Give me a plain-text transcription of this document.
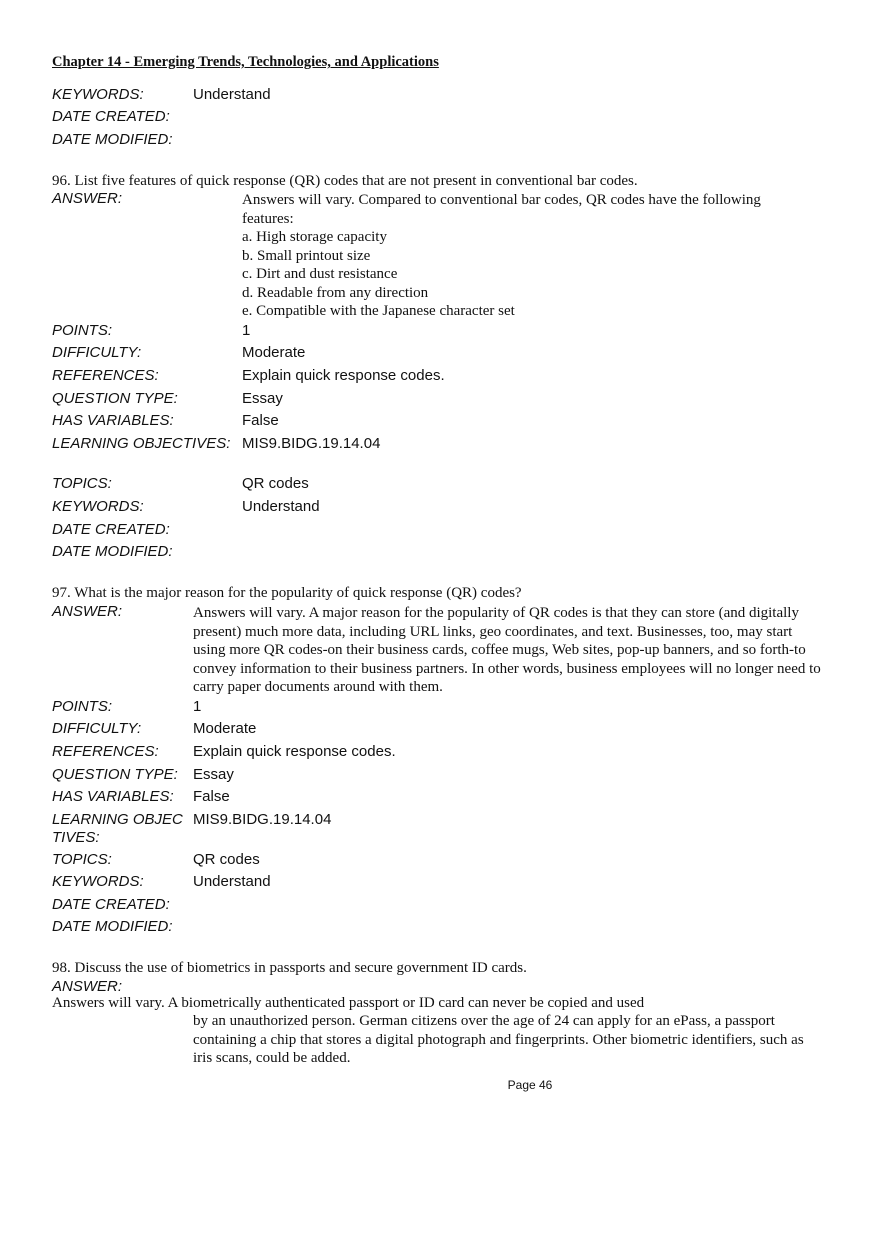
Chapter 14 - Emerging Trends, Technologies, and Applications
KEYWORDS:	Understand
DATE CREATED:
DATE MODIFIED:
96. List five features of quick response (QR) codes that are not present in conventional bar codes.
ANSWER:	Answers will vary. Compared to conventional bar codes, QR codes have the following features:
a. High storage capacity
b. Small printout size
c. Dirt and dust resistance
d. Readable from any direction
e. Compatible with the Japanese character set
POINTS:	1
DIFFICULTY:	Moderate
REFERENCES:	Explain quick response codes.
QUESTION TYPE:	Essay
HAS VARIABLES:	False
LEARNING OBJECTIVES: MIS9.BIDG.19.14.04
TOPICS:	QR codes
KEYWORDS:	Understand
DATE CREATED:
DATE MODIFIED:
97. What is the major reason for the popularity of quick response (QR) codes?
ANSWER:	Answers will vary. A major reason for the popularity of QR codes is that they can store (and digitally present) much more data, including URL links, geo coordinates, and text. Businesses, too, may start using more QR codes-on their business cards, coffee mugs, Web sites, pop-up banners, and so forth-to convey information to their business partners. In other words, business employees will no longer need to carry paper documents around with them.
POINTS:	1
DIFFICULTY:	Moderate
REFERENCES: Explain quick response codes.
QUESTION TYPE: Essay
HAS VARIABLES: False
LEARNING OBJEC
TIVES:
MIS9.BIDG.19.14.04
TOPICS:	QR codes
KEYWORDS:	Understand
DATE CREATED:
DATE MODIFIED:
98. Discuss the use of biometrics in passports and secure government ID cards.
ANSWER:
Answers will vary. A biometrically authenticated passport or ID card can never be copied and used
by an unauthorized person. German citizens over the age of 24 can apply for an ePass, a passport containing a chip that stores a digital photograph and fingerprints. Other biometric identifiers, such as iris scans, could be added.
Page 46
